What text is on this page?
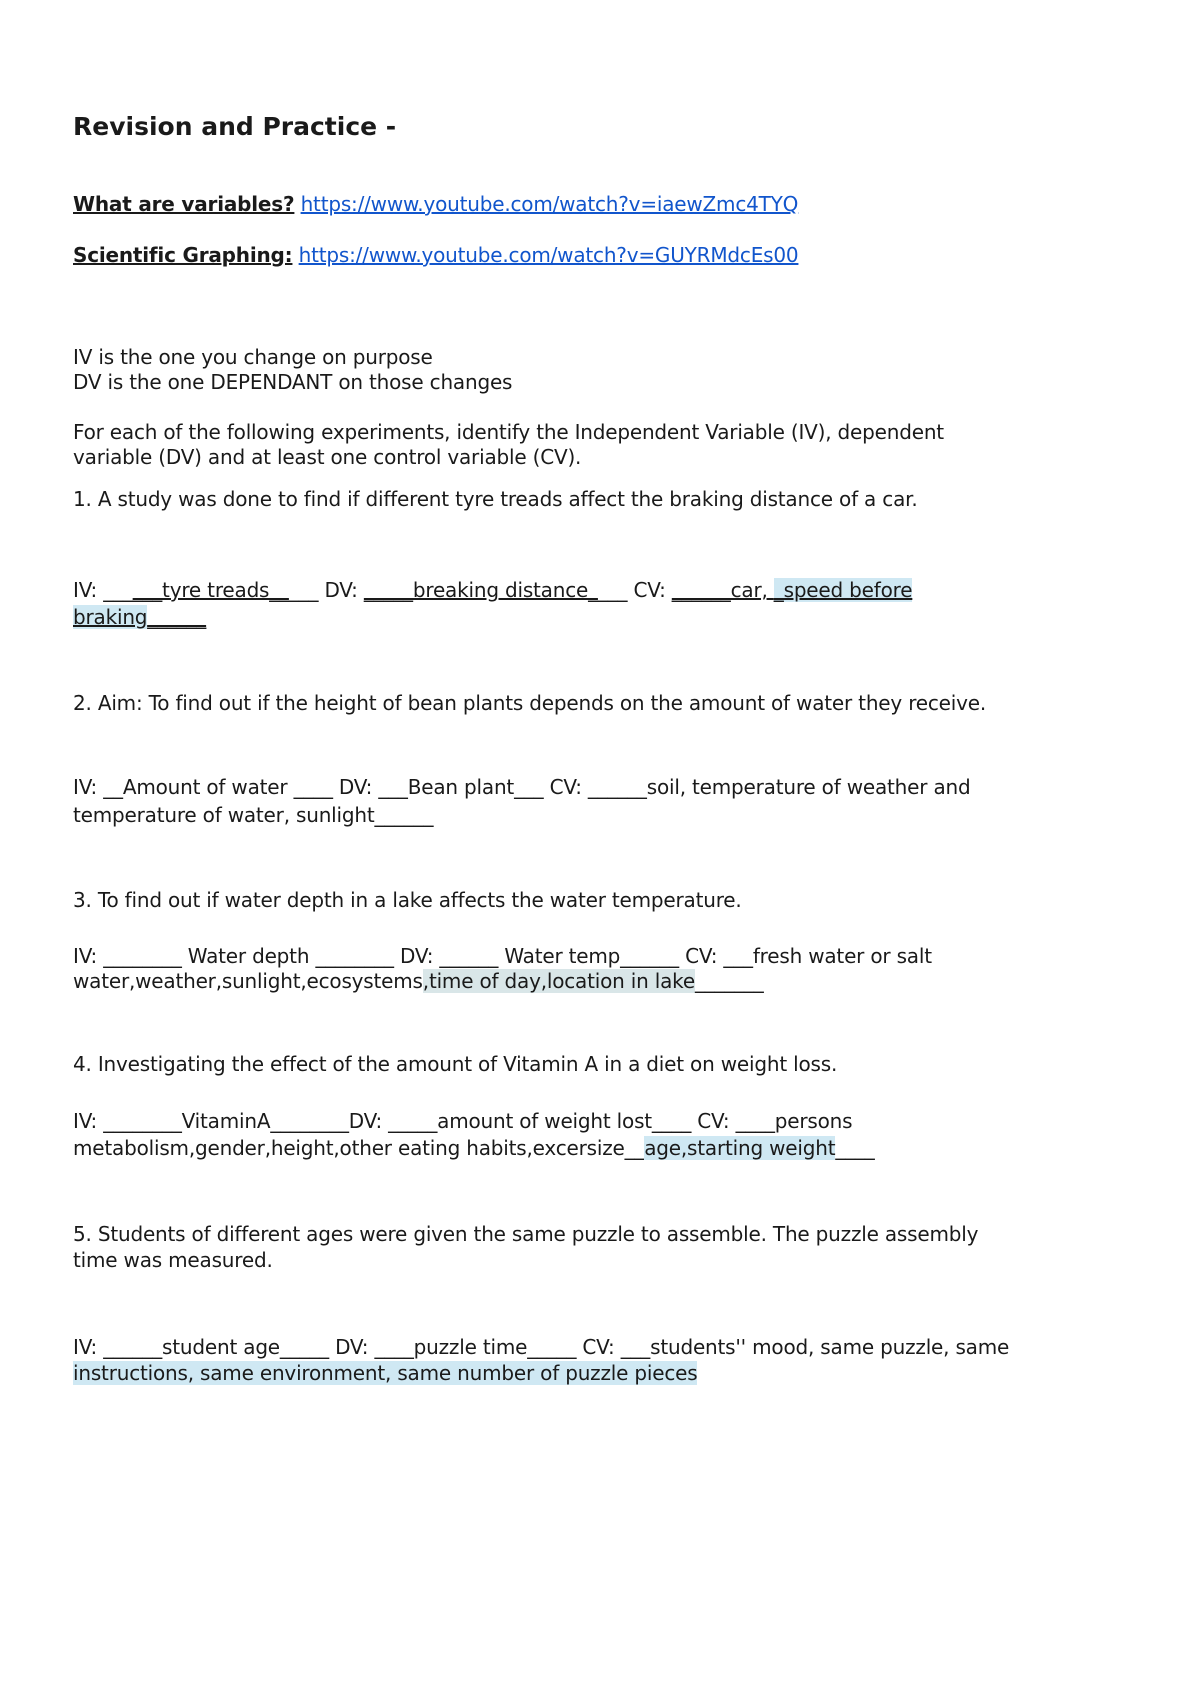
Revision and Practice -
What are variables? https://www.youtube.com/watch?v=iaewZmc4TYQ
Scientific Graphing: https://www.youtube.com/watch?v=GUYRMdcEs00
IV is the one you change on purpose
DV is the one DEPENDANT on those changes
For each of the following experiments, identify the Independent Variable (IV), dependent
variable (DV) and at least one control variable (CV).
1. A study was done to find if different tyre treads affect the braking distance of a car.
IV: ______tyre treads_____ DV: _____breaking distance____ CV: ______car, _speed before
braking______
2. Aim: To find out if the height of bean plants depends on the amount of water they receive.
IV: __Amount of water ____ DV: ___Bean plant___ CV: ______soil, temperature of weather and
temperature of water, sunlight______
3. To find out if water depth in a lake affects the water temperature.
IV: ________ Water depth ________ DV: ______ Water temp______ CV: ___fresh water or salt
water,weather,sunlight,ecosystems,time of day,location in lake_______
4. Investigating the effect of the amount of Vitamin A in a diet on weight loss.
IV: ________VitaminA________DV: _____amount of weight lost____ CV: ____persons
metabolism,gender,height,other eating habits,excersize__age,starting weight____
5. Students of different ages were given the same puzzle to assemble. The puzzle assembly
time was measured.
IV: ______student age_____ DV: ____puzzle time_____ CV: ___students'' mood, same puzzle, same
instructions, same environment, same number of puzzle pieces
